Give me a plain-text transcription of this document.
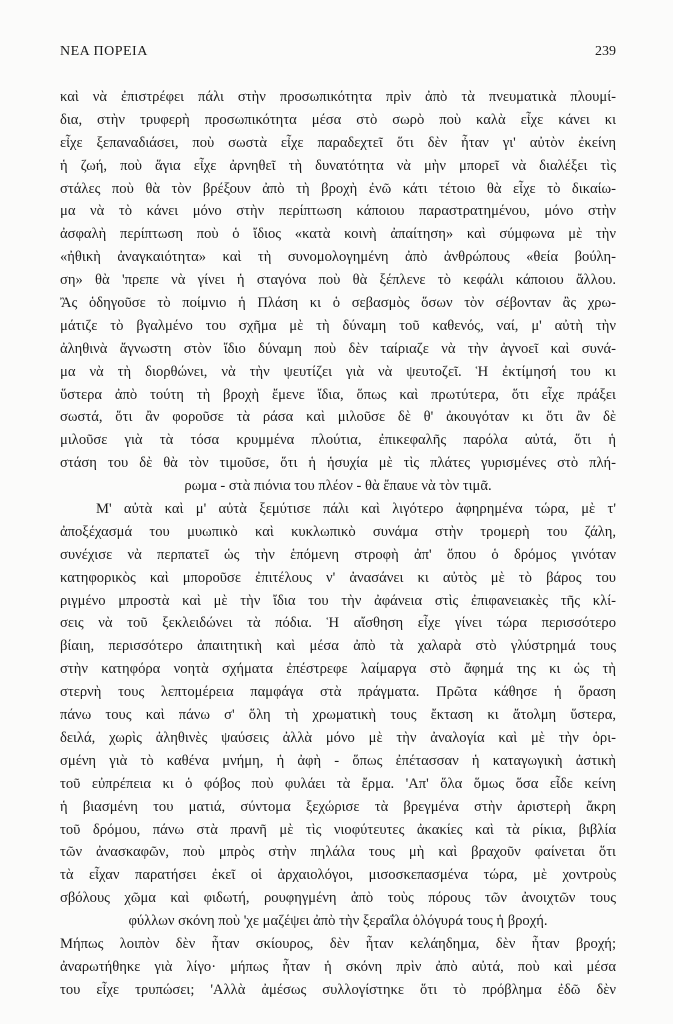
ΝΕΑ ΠΟΡΕΙΑ	239
καὶ νὰ ἐπιστρέφει πάλι στὴν προσωπικότητα πρὶν ἀπὸ τὰ πνευματικὰ πλουμί-
δια, στὴν τρυφερὴ προσωπικότητα μέσα στὸ σωρὸ ποὺ καλὰ εἶχε κάνει κι
εἶχε ξεπαναδιάσει, ποὺ σωστὰ εἶχε παραδεχτεῖ ὅτι δὲν ἦταν γι' αὐτὸν ἐκείνη
ἡ ζωή, ποὺ ἅγια εἶχε ἀρνηθεῖ τὴ δυνατότητα νὰ μὴν μπορεῖ νὰ διαλέξει τὶς
στάλες ποὺ θὰ τὸν βρέξουν ἀπὸ τὴ βροχὴ ἐνῶ κάτι τέτοιο θὰ εἶχε τὸ δικαίω-
μα νὰ τὸ κάνει μόνο στὴν περίπτωση κάποιου παραστρατημένου, μόνο στὴν
ἀσφαλὴ περίπτωση ποὺ ὁ ἴδιος «κατὰ κοινὴ ἀπαίτηση» καὶ σύμφωνα μὲ τὴν
«ἠθικὴ ἀναγκαιότητα» καὶ τὴ συνομολογημένη ἀπὸ ἀνθρώπους «θεία βούλη-
ση» θὰ 'πρεπε νὰ γίνει ἡ σταγόνα ποὺ θὰ ξέπλενε τὸ κεφάλι κάποιου ἄλλου.
Ἂς ὁδηγοῦσε τὸ ποίμνιο ἡ Πλάση κι ὁ σεβασμὸς ὅσων τὸν σέβονταν ἂς χρω-
μάτιζε τὸ βγαλμένο του σχῆμα μὲ τὴ δύναμη τοῦ καθενός, ναί, μ' αὐτὴ τὴν
ἀληθινὰ ἄγνωστη στὸν ἴδιο δύναμη ποὺ δὲν ταίριαζε νὰ τὴν ἀγνοεῖ καὶ συνά-
μα νὰ τὴ διορθώνει, νὰ τὴν ψευτίζει γιὰ νὰ ψευτοζεῖ. Ἡ ἐκτίμησή του κι
ὕστερα ἀπὸ τούτη τὴ βροχὴ ἔμενε ἴδια, ὅπως καὶ πρωτύτερα, ὅτι εἶχε πράξει
σωστά, ὅτι ἂν φοροῦσε τὰ ράσα καὶ μιλοῦσε δὲ θ' ἀκουγόταν κι ὅτι ἂν δὲ
μιλοῦσε γιὰ τὰ τόσα κρυμμένα πλούτια, ἐπικεφαλῆς παρόλα αὐτά, ὅτι ἡ
στάση του δὲ θὰ τὸν τιμοῦσε, ὅτι ἡ ἡσυχία μὲ τὶς πλάτες γυρισμένες στὸ πλή-
ρωμα - στὰ πιόνια του πλέον - θὰ ἔπαυε νὰ τὸν τιμᾶ.
Μ' αὐτὰ καὶ μ' αὐτὰ ξεμύτισε πάλι καὶ λιγότερο ἀφηρημένα τώρα, μὲ τ'
ἀποξέχασμά του μυωπικὸ καὶ κυκλωπικὸ συνάμα στὴν τρομερὴ του ζάλη,
συνέχισε νὰ περπατεῖ ὡς τὴν ἑπόμενη στροφὴ ἀπ' ὅπου ὁ δρόμος γινόταν
κατηφορικὸς καὶ μποροῦσε ἐπιτέλους ν' ἀνασάνει κι αὐτὸς μὲ τὸ βάρος του
ριγμένο μπροστὰ καὶ μὲ τὴν ἴδια του τὴν ἀφάνεια στὶς ἐπιφανειακὲς τῆς κλί-
σεις νὰ τοῦ ξεκλειδώνει τὰ πόδια. Ἡ αἴσθηση εἶχε γίνει τώρα περισσότερο
βίαιη, περισσότερο ἀπαιτητικὴ καὶ μέσα ἀπὸ τὰ χαλαρὰ στὸ γλύστρημά τους
στὴν κατηφόρα νοητὰ σχήματα ἐπέστρεφε λαίμαργα στὸ ἄφημά της κι ὡς τὴ
στερνὴ τους λεπτομέρεια παμφάγα στὰ πράγματα. Πρῶτα κάθησε ἡ ὅραση
πάνω τους καὶ πάνω σ' ὅλη τὴ χρωματικὴ τους ἔκταση κι ἄτολμη ὕστερα,
δειλά, χωρὶς ἀληθινὲς ψαύσεις ἀλλὰ μόνο μὲ τὴν ἀναλογία καὶ μὲ τὴν ὁρι-
σμένη γιὰ τὸ καθένα μνήμη, ἡ ἀφὴ - ὅπως ἐπέτασσαν ἡ καταγωγικὴ ἀστικὴ
τοῦ εὐπρέπεια κι ὁ φόβος ποὺ φυλάει τὰ ἔρμα. 'Απ' ὅλα ὅμως ὅσα εἶδε κείνη
ἡ βιασμένη του ματιά, σύντομα ξεχώρισε τὰ βρεγμένα στὴν ἀριστερὴ ἄκρη
τοῦ δρόμου, πάνω στὰ πρανῆ μὲ τὶς νιοφύτευτες ἀκακίες καὶ τὰ ρίκια, βιβλία
τῶν ἀνασκαφῶν, ποὺ μπρὸς στὴν πηλάλα τους μὴ καὶ βραχοῦν φαίνεται ὅτι
τὰ εἶχαν παρατήσει ἐκεῖ οἱ ἀρχαιολόγοι, μισοσκεπασμένα τώρα, μὲ χοντροὺς
σβόλους χῶμα καὶ φιδωτή, ρουφηγμένη ἀπὸ τοὺς πόρους τῶν ἀνοιχτῶν τους
φύλλων σκόνη ποὺ 'χε μαζέψει ἀπὸ τὴν ξεραΐλα ὁλόγυρά τους ἡ βροχή.
Μήπως λοιπὸν δὲν ἦταν σκίουρος, δὲν ἦταν κελάηδημα, δὲν ἦταν βροχή;
ἀναρωτήθηκε γιὰ λίγο· μήπως ἦταν ἡ σκόνη πρὶν ἀπὸ αὐτά, ποὺ καὶ μέσα
του εἶχε τρυπώσει; 'Αλλὰ ἀμέσως συλλογίστηκε ὅτι τὸ πρόβλημα ἐδῶ δὲν
